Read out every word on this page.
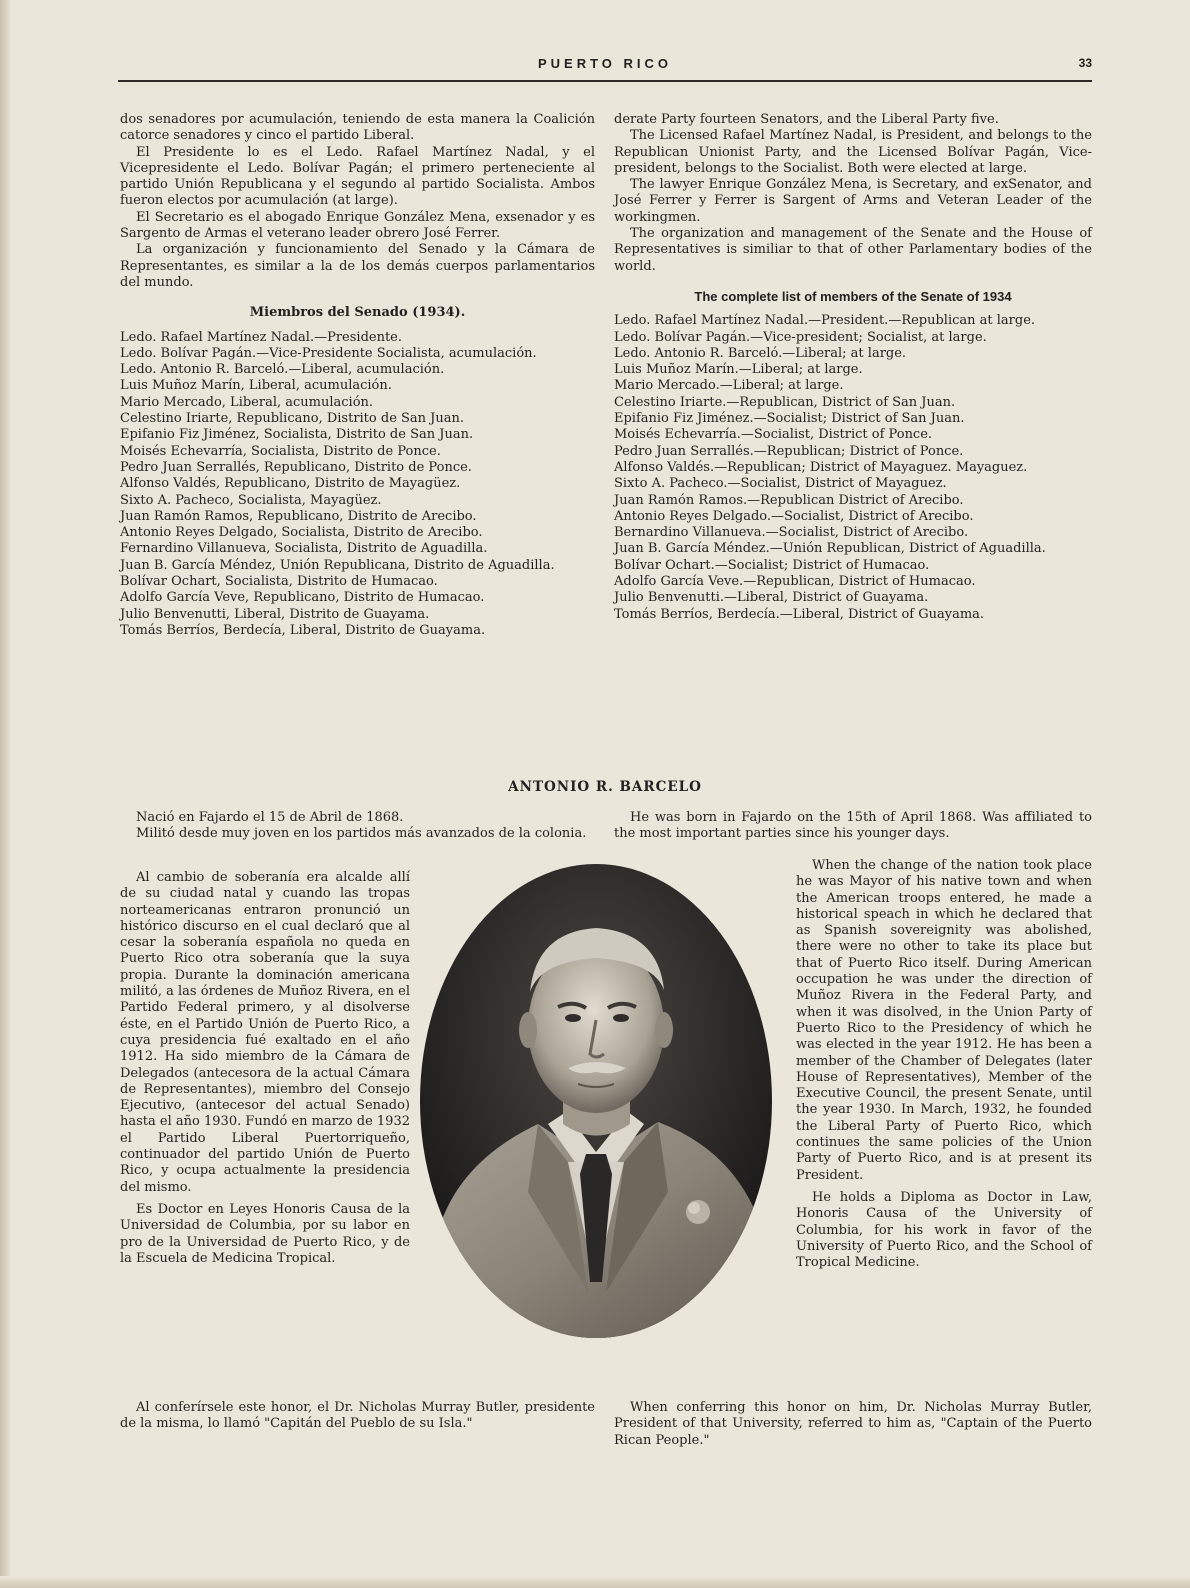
PUERTO RICO	33

dos senadores por acumulación, teniendo de esta manera la Coalición catorce senadores y cinco el partido Liberal.

El Presidente lo es el Ledo. Rafael Martínez Nadal, y el Vicepresidente el Ledo. Bolívar Pagán; el primero perteneciente al partido Unión Republicana y el segundo al partido Socialista. Ambos fueron electos por acumulación (at large).

El Secretario es el abogado Enrique González Mena, exsenador y es Sargento de Armas el veterano leader obrero José Ferrer.

La organización y funcionamiento del Senado y la Cámara de Representantes, es similar a la de los demás cuerpos parlamentarios del mundo.

Miembros del Senado (1934).
Ledo. Rafael Martínez Nadal.—Presidente.
Ledo. Bolívar Pagán.—Vice-Presidente Socialista, acumulación.
Ledo. Antonio R. Barceló.—Liberal, acumulación.
Luis Muñoz Marín, Liberal, acumulación.
Mario Mercado, Liberal, acumulación.
Celestino Iriarte, Republicano, Distrito de San Juan.
Epifanio Fiz Jiménez, Socialista, Distrito de San Juan.
Moisés Echevarría, Socialista, Distrito de Ponce.
Pedro Juan Serrallés, Republicano, Distrito de Ponce.
Alfonso Valdés, Republicano, Distrito de Mayagüez.
Sixto A. Pacheco, Socialista, Mayagüez.
Juan Ramón Ramos, Republicano, Distrito de Arecibo.
Antonio Reyes Delgado, Socialista, Distrito de Arecibo.
Fernardino Villanueva, Socialista, Distrito de Aguadilla.
Juan B. García Méndez, Unión Republicana, Distrito de Aguadilla.
Bolívar Ochart, Socialista, Distrito de Humacao.
Adolfo García Veve, Republicano, Distrito de Humacao.
Julio Benvenutti, Liberal, Distrito de Guayama.
Tomás Berríos, Berdecía, Liberal, Distrito de Guayama.

derate Party fourteen Senators, and the Liberal Party five.

The Licensed Rafael Martínez Nadal, is President, and belongs to the Republican Unionist Party, and the Licensed Bolívar Pagán, Vice-president, belongs to the Socialist. Both were elected at large.

The lawyer Enrique González Mena, is Secretary, and exSenator, and José Ferrer y Ferrer is Sargent of Arms and Veteran Leader of the workingmen.

The organization and management of the Senate and the House of Representatives is similiar to that of other Parlamentary bodies of the world.

The complete list of members of the Senate of 1934
Ledo. Rafael Martínez Nadal.—President.—Republican at large.
Ledo. Bolívar Pagán.—Vice-president; Socialist, at large.
Ledo. Antonio R. Barceló.—Liberal; at large.
Luis Muñoz Marín.—Liberal; at large.
Mario Mercado.—Liberal; at large.
Celestino Iriarte.—Republican, District of San Juan.
Epifanio Fiz Jiménez.—Socialist; District of San Juan.
Moisés Echevarría.—Socialist, District of Ponce.
Pedro Juan Serrallés.—Republican; District of Ponce.
Alfonso Valdés.—Republican; District of Mayaguez. Mayaguez.
Sixto A. Pacheco.—Socialist, District of Mayaguez.
Juan Ramón Ramos.—Republican District of Arecibo.
Antonio Reyes Delgado.—Socialist, District of Arecibo.
Bernardino Villanueva.—Socialist, District of Arecibo.
Juan B. García Méndez.—Unión Republican, District of Aguadilla.
Bolívar Ochart.—Socialist; District of Humacao.
Adolfo García Veve.—Republican, District of Humacao.
Julio Benvenutti.—Liberal, District of Guayama.
Tomás Berríos, Berdecía.—Liberal, District of Guayama.
ANTONIO R. BARCELO

Nació en Fajardo el 15 de Abril de 1868.

Militó desde muy joven en los partidos más avanzados de la colonia.

Al cambio de soberanía era alcalde allí de su ciudad natal y cuando las tropas norteamericanas entraron pronunció un histórico discurso en el cual declaró que al cesar la soberanía española no queda en Puerto Rico otra soberanía que la suya propia. Durante la dominación americana militó, a las órdenes de Muñoz Rivera, en el Partido Federal primero, y al disolverse éste, en el Partido Unión de Puerto Rico, a cuya presidencia fué exaltado en el año 1912. Ha sido miembro de la Cámara de Delegados (antecesora de la actual Cámara de Representantes), miembro del Consejo Ejecutivo, (antecesor del actual Senado) hasta el año 1930. Fundó en marzo de 1932 el Partido Liberal Puertorriqueño, continuador del partido Unión de Puerto Rico, y ocupa actualmente la presidencia del mismo.

Es Doctor en Leyes Honoris Causa de la Universidad de Columbia, por su labor en pro de la Universidad de Puerto Rico, y de la Escuela de Medicina Tropical.

Al conferírsele este honor, el Dr. Nicholas Murray Butler, presidente de la misma, lo llamó "Capitán del Pueblo de su Isla."

He was born in Fajardo on the 15th of April 1868. Was affiliated to the most important parties since his younger days.

When the change of the nation took place he was Mayor of his native town and when the American troops entered, he made a historical speach in which he declared that as Spanish sovereignity was abolished, there were no other to take its place but that of Puerto Rico itself. During American occupation he was under the direction of Muñoz Rivera in the Federal Party, and when it was disolved, in the Union Party of Puerto Rico to the Presidency of which he was elected in the year 1912. He has been a member of the Chamber of Delegates (later House of Representatives), Member of the Executive Council, the present Senate, until the year 1930. In March, 1932, he founded the Liberal Party of Puerto Rico, which continues the same policies of the Union Party of Puerto Rico, and is at present its President.

He holds a Diploma as Doctor in Law, Honoris Causa of the University of Columbia, for his work in favor of the University of Puerto Rico, and the School of Tropical Medicine.

When conferring this honor on him, Dr. Nicholas Murray Butler, President of that University, referred to him as, "Captain of the Puerto Rican People."
